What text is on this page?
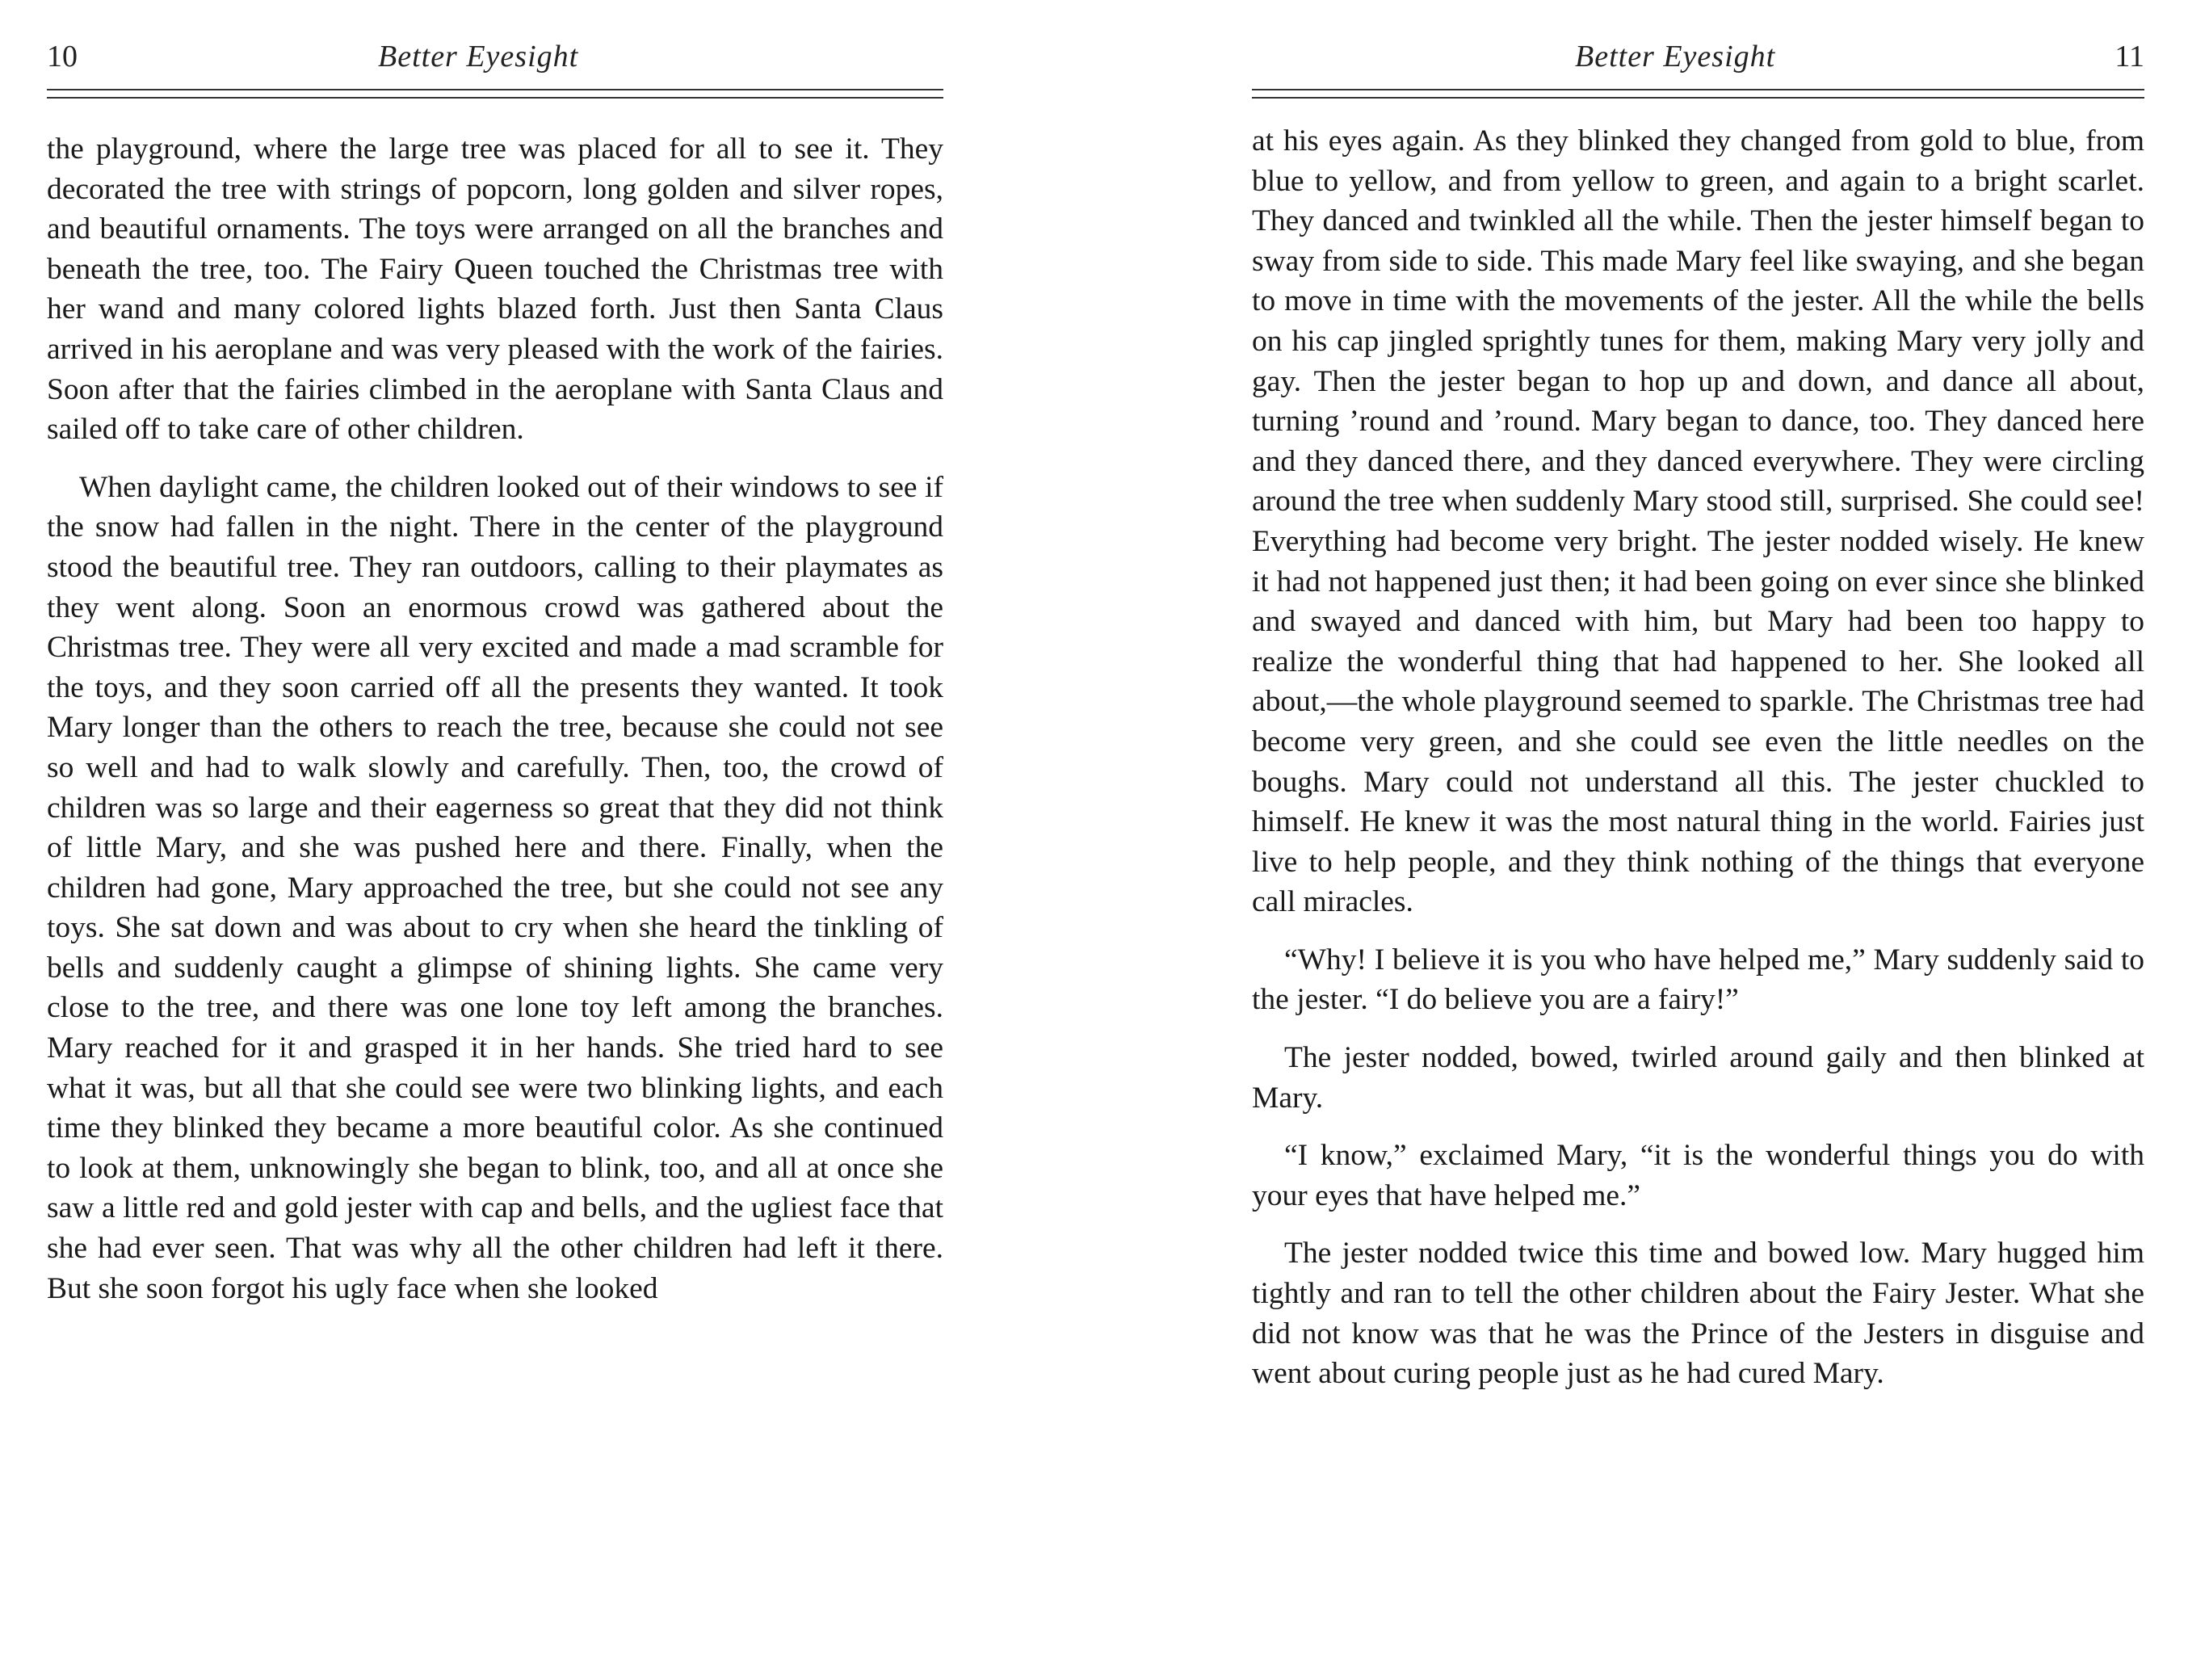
10	Better Eyesight

the playground, where the large tree was placed for all to see it. They decorated the tree with strings of popcorn, long golden and silver ropes, and beautiful ornaments. The toys were arranged on all the branches and beneath the tree, too. The Fairy Queen touched the Christmas tree with her wand and many colored lights blazed forth. Just then Santa Claus arrived in his aeroplane and was very pleased with the work of the fairies. Soon after that the fairies climbed in the aeroplane with Santa Claus and sailed off to take care of other children.

When daylight came, the children looked out of their windows to see if the snow had fallen in the night. There in the center of the playground stood the beautiful tree. They ran outdoors, calling to their playmates as they went along. Soon an enormous crowd was gathered about the Christmas tree. They were all very excited and made a mad scramble for the toys, and they soon carried off all the presents they wanted. It took Mary longer than the others to reach the tree, because she could not see so well and had to walk slowly and carefully. Then, too, the crowd of children was so large and their eagerness so great that they did not think of little Mary, and she was pushed here and there. Finally, when the children had gone, Mary approached the tree, but she could not see any toys. She sat down and was about to cry when she heard the tinkling of bells and suddenly caught a glimpse of shining lights. She came very close to the tree, and there was one lone toy left among the branches. Mary reached for it and grasped it in her hands. She tried hard to see what it was, but all that she could see were two blinking lights, and each time they blinked they became a more beautiful color. As she continued to look at them, unknowingly she began to blink, too, and all at once she saw a little red and gold jester with cap and bells, and the ugliest face that she had ever seen. That was why all the other children had left it there. But she soon forgot his ugly face when she looked

Better Eyesight	11

at his eyes again. As they blinked they changed from gold to blue, from blue to yellow, and from yellow to green, and again to a bright scarlet. They danced and twinkled all the while. Then the jester himself began to sway from side to side. This made Mary feel like swaying, and she began to move in time with the movements of the jester. All the while the bells on his cap jingled sprightly tunes for them, making Mary very jolly and gay. Then the jester began to hop up and down, and dance all about, turning ’round and ’round. Mary began to dance, too. They danced here and they danced there, and they danced everywhere. They were circling around the tree when suddenly Mary stood still, surprised. She could see! Everything had become very bright. The jester nodded wisely. He knew it had not happened just then; it had been going on ever since she blinked and swayed and danced with him, but Mary had been too happy to realize the wonderful thing that had happened to her. She looked all about,—the whole playground seemed to sparkle. The Christmas tree had become very green, and she could see even the little needles on the boughs. Mary could not understand all this. The jester chuckled to himself. He knew it was the most natural thing in the world. Fairies just live to help people, and they think nothing of the things that everyone call miracles.

“Why! I believe it is you who have helped me,” Mary suddenly said to the jester. “I do believe you are a fairy!”

The jester nodded, bowed, twirled around gaily and then blinked at Mary.

“I know,” exclaimed Mary, “it is the wonderful things you do with your eyes that have helped me.”

The jester nodded twice this time and bowed low. Mary hugged him tightly and ran to tell the other children about the Fairy Jester. What she did not know was that he was the Prince of the Jesters in disguise and went about curing people just as he had cured Mary.
